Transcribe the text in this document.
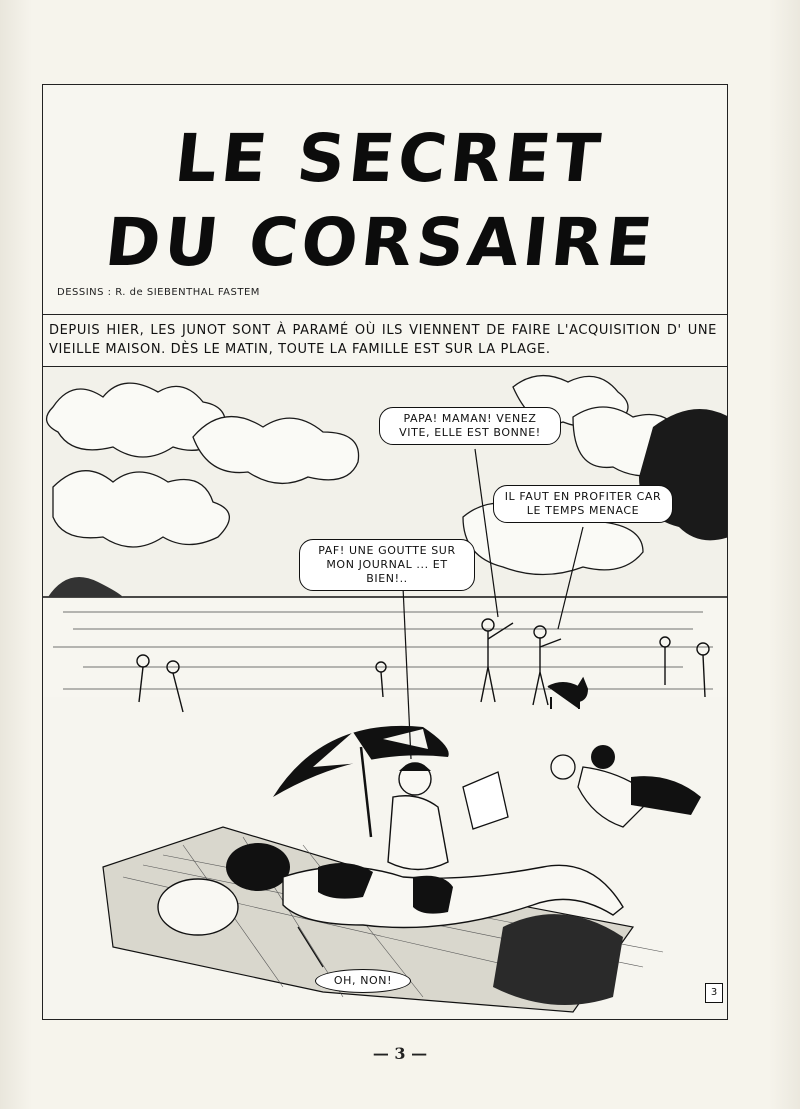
LE SECRET
DU CORSAIRE
DESSINS : R. de SIEBENTHAL FASTEM

DEPUIS HIER, LES JUNOT SONT À PARAMÉ OÙ ILS VIENNENT DE FAIRE L'ACQUISITION D' UNE VIEILLE MAISON. DÈS LE MATIN, TOUTE LA FAMILLE EST SUR LA PLAGE.

PAPA! MAMAN! VENEZ VITE, ELLE EST BONNE!
IL FAUT EN PROFITER CAR LE TEMPS MENACE
PAF! UNE GOUTTE SUR MON JOURNAL ... ET BIEN!..
OH, NON!
3
— 3 —
